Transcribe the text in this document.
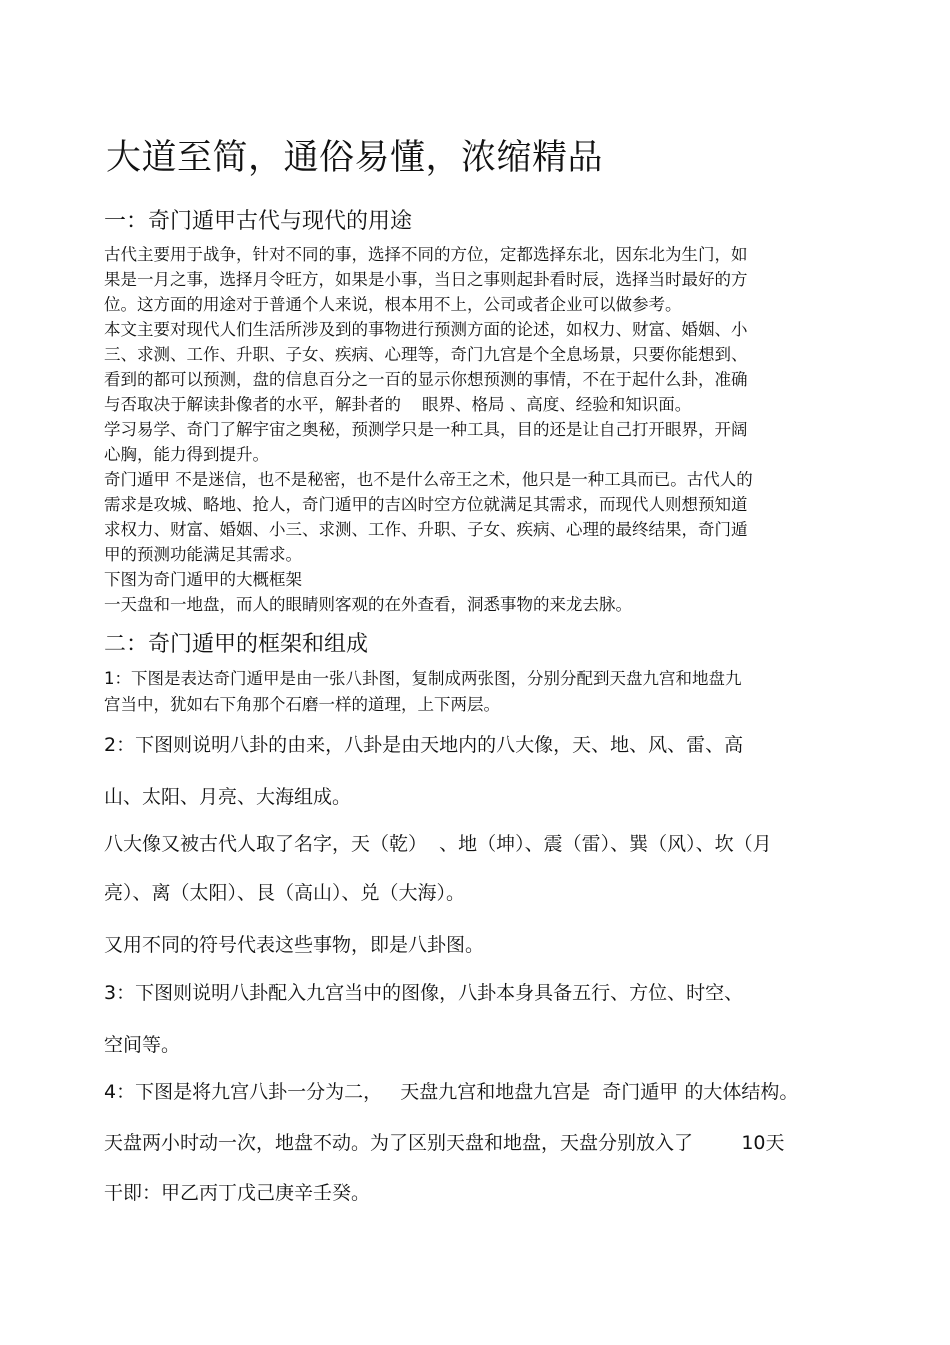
大道至简，通俗易懂，浓缩精品
一：奇门遁甲古代与现代的用途
古代主要用于战争，针对不同的事，选择不同的方位，定都选择东北，因东北为生门，如
果是一月之事，选择月令旺方，如果是小事，当日之事则起卦看时辰，选择当时最好的方
位。这方面的用途对于普通个人来说，根本用不上，公司或者企业可以做参考。
本文主要对现代人们生活所涉及到的事物进行预测方面的论述，如权力、财富、婚姻、小
三、求测、工作、升职、子女、疾病、心理等，奇门九宫是个全息场景，只要你能想到、
看到的都可以预测，盘的信息百分之一百的显示你想预测的事情，不在于起什么卦，准确
与否取决于解读卦像者的水平，解卦者的    眼界、格局 、高度、经验和知识面。
学习易学、奇门了解宇宙之奥秘，预测学只是一种工具，目的还是让自己打开眼界，开阔
心胸，能力得到提升。
奇门遁甲 不是迷信，也不是秘密，也不是什么帝王之术，他只是一种工具而已。古代人的
需求是攻城、略地、抢人，奇门遁甲的吉凶时空方位就满足其需求，而现代人则想预知道
求权力、财富、婚姻、小三、求测、工作、升职、子女、疾病、心理的最终结果，奇门遁
甲的预测功能满足其需求。
下图为奇门遁甲的大概框架
一天盘和一地盘，而人的眼睛则客观的在外查看，洞悉事物的来龙去脉。
二：奇门遁甲的框架和组成
1：下图是表达奇门遁甲是由一张八卦图，复制成两张图，分别分配到天盘九宫和地盘九
宫当中，犹如右下角那个石磨一样的道理，上下两层。
2：下图则说明八卦的由来，八卦是由天地内的八大像，天、地、风、雷、高
山、太阳、月亮、大海组成。
八大像又被古代人取了名字，天（乾）  、地（坤）、震（雷）、巽（风）、坎（月
亮）、离（太阳）、艮（高山）、兑（大海）。
又用不同的符号代表这些事物，即是八卦图。
3：下图则说明八卦配入九宫当中的图像，八卦本身具备五行、方位、时空、
空间等。
4：下图是将九宫八卦一分为二，   天盘九宫和地盘九宫是  奇门遁甲 的大体结构。
天盘两小时动一次，地盘不动。为了区别天盘和地盘，天盘分别放入了        10天
干即：甲乙丙丁戊己庚辛壬癸。
